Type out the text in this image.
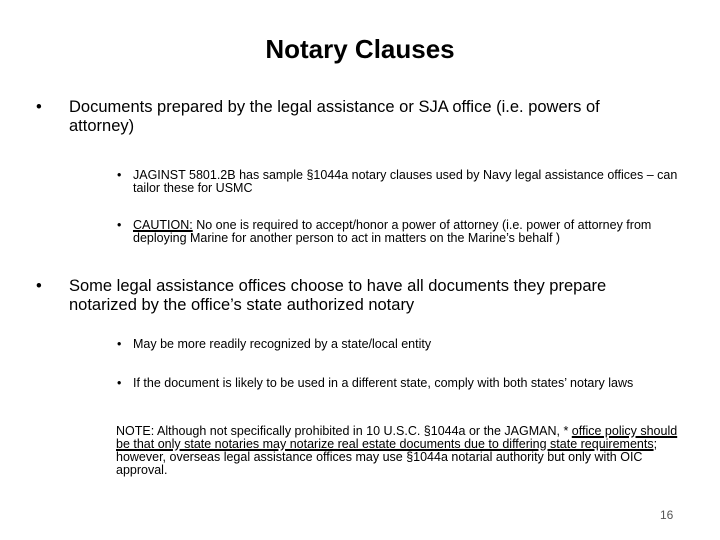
Notary Clauses
•	Documents prepared by the legal assistance or SJA office (i.e. powers of attorney)
• JAGINST 5801.2B has sample §1044a notary clauses used by Navy legal assistance offices – can tailor these for USMC
• CAUTION: No one is required to accept/honor a power of attorney (i.e. power of attorney from deploying Marine for another person to act in matters on the Marine’s behalf )
•	Some legal assistance offices choose to have all documents they prepare notarized by the office’s state authorized notary
• May be more readily recognized by a state/local entity
• If the document is likely to be used in a different state, comply with both states’ notary laws

NOTE: Although not specifically prohibited in 10 U.S.C. §1044a or the JAGMAN, * office policy should be that only state notaries may notarize real estate documents due to differing state requirements; however, overseas legal assistance offices may use §1044a notarial authority but only with OIC approval.

16
